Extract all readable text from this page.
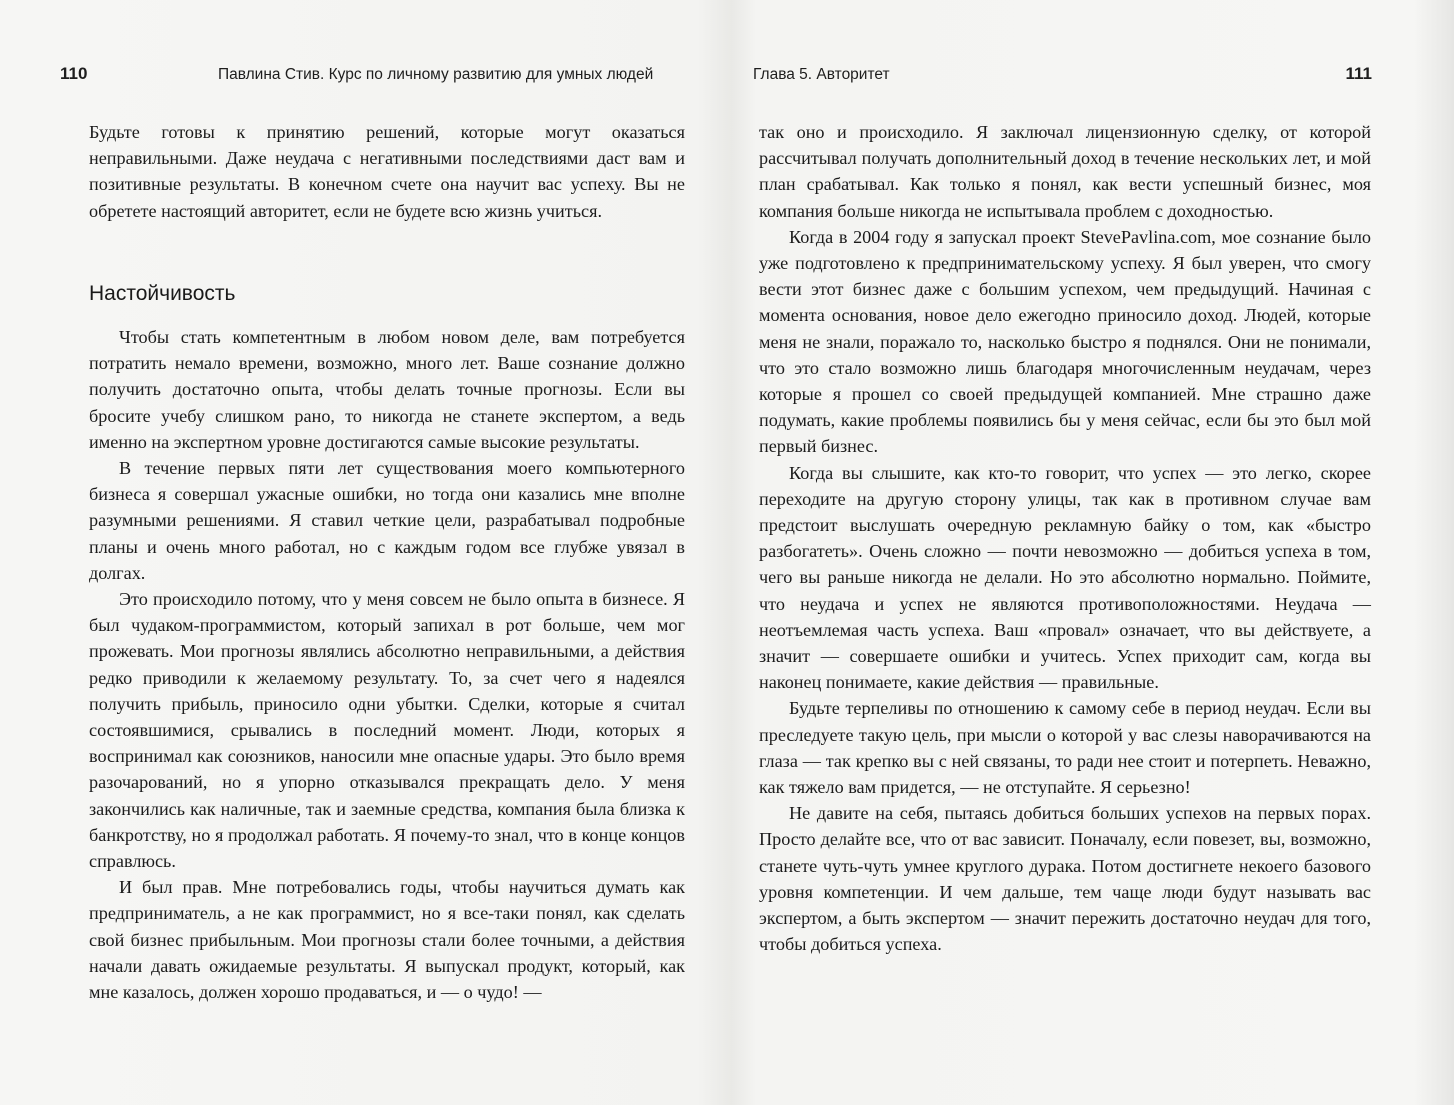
110	Павлина Стив. Курс по личному развитию для умных людей

Будьте готовы к принятию решений, которые могут оказаться неправильными. Даже неудача с негативными последствиями даст вам и позитивные результаты. В конечном счете она научит вас успеху. Вы не обретете настоящий авторитет, если не будете всю жизнь учиться.

Настойчивость

Чтобы стать компетентным в любом новом деле, вам потребуется потратить немало времени, возможно, много лет. Ваше сознание должно получить достаточно опыта, чтобы делать точные прогнозы. Если вы бросите учебу слишком рано, то никогда не станете экспертом, а ведь именно на экспертном уровне достигаются самые высокие результаты.

В течение первых пяти лет существования моего компьютерного бизнеса я совершал ужасные ошибки, но тогда они казались мне вполне разумными решениями. Я ставил четкие цели, разрабатывал подробные планы и очень много работал, но с каждым годом все глубже увязал в долгах.

Это происходило потому, что у меня совсем не было опыта в бизнесе. Я был чудаком-программистом, который запихал в рот больше, чем мог прожевать. Мои прогнозы являлись абсолютно неправильными, а действия редко приводили к желаемому результату. То, за счет чего я надеялся получить прибыль, приносило одни убытки. Сделки, которые я считал состоявшимися, срывались в последний момент. Люди, которых я воспринимал как союзников, наносили мне опасные удары. Это было время разочарований, но я упорно отказывался прекращать дело. У меня закончились как наличные, так и заемные средства, компания была близка к банкротству, но я продолжал работать. Я почему-то знал, что в конце концов справлюсь.

И был прав. Мне потребовались годы, чтобы научиться думать как предприниматель, а не как программист, но я все-таки понял, как сделать свой бизнес прибыльным. Мои прогнозы стали более точными, а действия начали давать ожидаемые результаты. Я выпускал продукт, который, как мне казалось, должен хорошо продаваться, и — о чудо! —

Глава 5. Авторитет	111

так оно и происходило. Я заключал лицензионную сделку, от которой рассчитывал получать дополнительный доход в течение нескольких лет, и мой план срабатывал. Как только я понял, как вести успешный бизнес, моя компания больше никогда не испытывала проблем с доходностью.

Когда в 2004 году я запускал проект StevePavlina.com, мое сознание было уже подготовлено к предпринимательскому успеху. Я был уверен, что смогу вести этот бизнес даже с большим успехом, чем предыдущий. Начиная с момента основания, новое дело ежегодно приносило доход. Людей, которые меня не знали, поражало то, насколько быстро я поднялся. Они не понимали, что это стало возможно лишь благодаря многочисленным неудачам, через которые я прошел со своей предыдущей компанией. Мне страшно даже подумать, какие проблемы появились бы у меня сейчас, если бы это был мой первый бизнес.

Когда вы слышите, как кто-то говорит, что успех — это легко, скорее переходите на другую сторону улицы, так как в противном случае вам предстоит выслушать очередную рекламную байку о том, как «быстро разбогатеть». Очень сложно — почти невозможно — добиться успеха в том, чего вы раньше никогда не делали. Но это абсолютно нормально. Поймите, что неудача и успех не являются противоположностями. Неудача — неотъемлемая часть успеха. Ваш «провал» означает, что вы действуете, а значит — совершаете ошибки и учитесь. Успех приходит сам, когда вы наконец понимаете, какие действия — правильные.

Будьте терпеливы по отношению к самому себе в период неудач. Если вы преследуете такую цель, при мысли о которой у вас слезы наворачиваются на глаза — так крепко вы с ней связаны, то ради нее стоит и потерпеть. Неважно, как тяжело вам придется, — не отступайте. Я серьезно!

Не давите на себя, пытаясь добиться больших успехов на первых порах. Просто делайте все, что от вас зависит. Поначалу, если повезет, вы, возможно, станете чуть-чуть умнее круглого дурака. Потом достигнете некоего базового уровня компетенции. И чем дальше, тем чаще люди будут называть вас экспертом, а быть экспертом — значит пережить достаточно неудач для того, чтобы добиться успеха.
